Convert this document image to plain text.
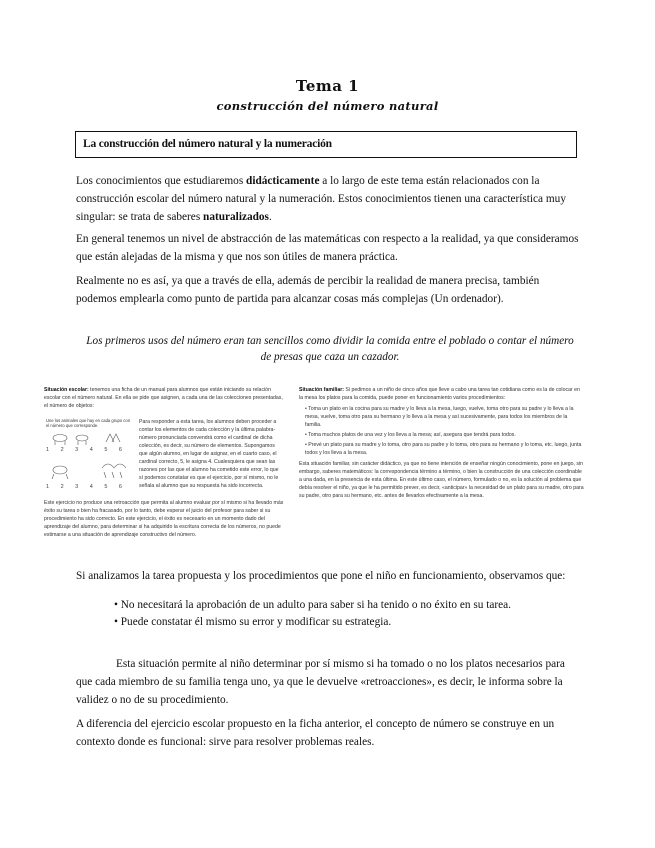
Tema 1
construcción del número natural
La construcción del número natural y la numeración

Los conocimientos que estudiaremos didácticamente a lo largo de este tema están relacionados con la construcción escolar del número natural y la numeración. Estos conocimientos tienen una característica muy singular: se trata de saberes naturalizados.

En general tenemos un nivel de abstracción de las matemáticas con respecto a la realidad, ya que consideramos que están alejadas de la misma y que nos son útiles de manera práctica.

Realmente no es así, ya que a través de ella, además de percibir la realidad de manera precisa, también podemos emplearla como punto de partida para alcanzar cosas más complejas (Un ordenador).

Los primeros usos del número eran tan sencillos como dividir la comida entre el poblado o contar el número de presas que caza un cazador.

Situación escolar: tenemos una ficha de un manual para alumnos que están iniciando su relación escolar con el número natural. En ella se pide que asignen, a cada una de las colecciones presentadas, el número de objetos:

Une los animales que hay en cada grupo con el número que corresponde.

1 2 3 4 5 6
1 2 3 4 5 6

Para responder a esta tarea, los alumnos deben proceder a contar los elementos de cada colección y la última palabra-número pronunciada convendrá como el cardinal de dicha colección, es decir, su número de elementos. Supongamos que algún alumno, en lugar de asignar, en el cuarto caso, el cardinal correcto, 5, le asigna 4. Cualesquiera que sean las razones por las que el alumno ha cometido este error, lo que sí podemos constatar es que el ejercicio, por sí mismo, no le señala al alumno que su respuesta ha sido incorrecta.

Este ejercicio no produce una retroacción que permita al alumno evaluar por sí mismo si ha llevado más éxito su tarea o bien ha fracasado, por lo tanto, debe esperar el juicio del profesor para saber si su procedimiento ha sido correcto. En este ejercicio, el éxito es necesario en un momento dado del aprendizaje del alumno, para determinar si ha adquirido la escritura correcta de los números, no puede estimarse a una situación de aprendizaje constructivo del número.

Situación familiar: Si pedimos a un niño de cinco años que lleve a cabo una tarea tan cotidiana como es la de colocar en la mesa los platos para la comida, puede poner en funcionamiento varios procedimientos:

• Toma un plato en la cocina para su madre y lo lleva a la mesa, luego, vuelve, toma otro para su padre y lo lleva a la mesa, vuelve, toma otro para su hermano y lo lleva a la mesa y así sucesivamente, para todos los miembros de la familia.

• Toma muchos platos de una vez y los lleva a la mesa; así, asegura que tendrá para todos.

• Prevé un plato para su madre y lo toma, otro para su padre y lo toma, otro para su hermano y lo toma, etc. luego, junta todos y los lleva a la mesa.

Esta situación familiar, sin carácter didáctico, ya que no tiene intención de enseñar ningún conocimiento, pone en juego, sin embargo, saberes matemáticos: la correspondencia término a término, o bien la construcción de una colección coordinable a una dada, en la presencia de esta última. En este último caso, el número, formulado o no, es la solución al problema que debía resolver el niño, ya que le ha permitido prever, es decir, «anticipar» la necesidad de un plato para su madre, otro para su padre, otro para su hermano, etc. antes de llevarlos efectivamente a la mesa.

Si analizamos la tarea propuesta y los procedimientos que pone el niño en funcionamiento, observamos que:

• No necesitará la aprobación de un adulto para saber si ha tenido o no éxito en su tarea.
• Puede constatar él mismo su error y modificar su estrategia.

Esta situación permite al niño determinar por sí mismo si ha tomado o no los platos necesarios para que cada miembro de su familia tenga uno, ya que le devuelve «retroacciones», es decir, le informa sobre la validez o no de su procedimiento.

A diferencia del ejercicio escolar propuesto en la ficha anterior, el concepto de número se construye en un contexto donde es funcional: sirve para resolver problemas reales.
